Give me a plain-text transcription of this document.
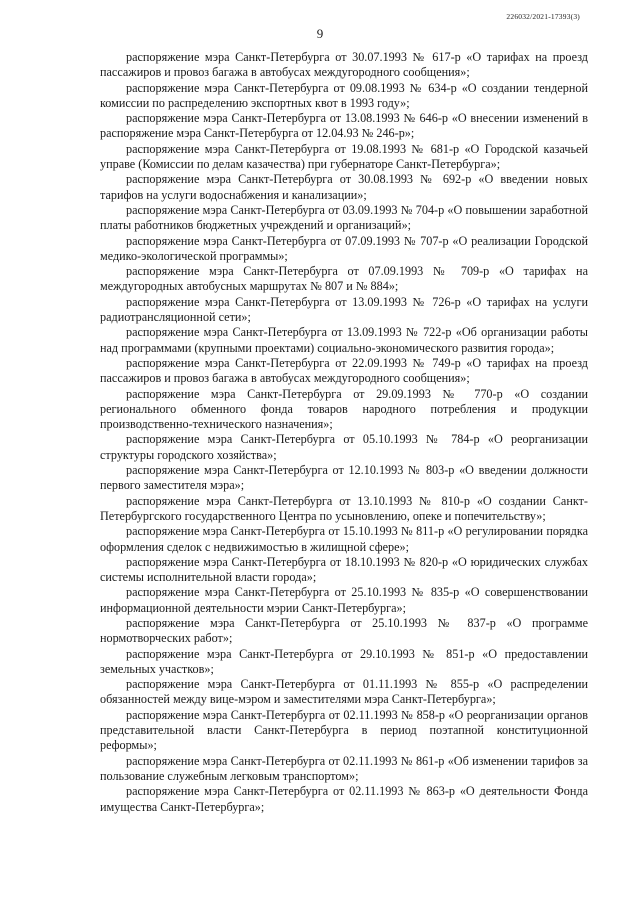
226032/2021-17393(3)
9

распоряжение мэра Санкт-Петербурга от 30.07.1993 № 617-р «О тарифах на проезд пассажиров и провоз багажа в автобусах междугородного сообщения»;

распоряжение мэра Санкт-Петербурга от 09.08.1993 № 634-р «О создании тендерной комиссии по распределению экспортных квот в 1993 году»;

распоряжение мэра Санкт-Петербурга от 13.08.1993 № 646-р «О внесении изменений в распоряжение мэра Санкт-Петербурга от 12.04.93 № 246-р»;

распоряжение мэра Санкт-Петербурга от 19.08.1993 № 681-р «О Городской казачьей управе (Комиссии по делам казачества) при губернаторе Санкт-Петербурга»;

распоряжение мэра Санкт-Петербурга от 30.08.1993 № 692-р «О введении новых тарифов на услуги водоснабжения и канализации»;

распоряжение мэра Санкт-Петербурга от 03.09.1993 № 704-р «О повышении заработной платы работников бюджетных учреждений и организаций»;

распоряжение мэра Санкт-Петербурга от 07.09.1993 № 707-р «О реализации Городской медико-экологической программы»;

распоряжение мэра Санкт-Петербурга от 07.09.1993 № 709-р «О тарифах на междугородных автобусных маршрутах № 807 и № 884»;

распоряжение мэра Санкт-Петербурга от 13.09.1993 № 726-р «О тарифах на услуги радиотрансляционной сети»;

распоряжение мэра Санкт-Петербурга от 13.09.1993 № 722-р «Об организации работы над программами (крупными проектами) социально-экономического развития города»;

распоряжение мэра Санкт-Петербурга от 22.09.1993 № 749-р «О тарифах на проезд пассажиров и провоз багажа в автобусах междугородного сообщения»;

распоряжение мэра Санкт-Петербурга от 29.09.1993 № 770-р «О создании регионального обменного фонда товаров народного потребления и продукции производственно-технического назначения»;

распоряжение мэра Санкт-Петербурга от 05.10.1993 № 784-р «О реорганизации структуры городского хозяйства»;

распоряжение мэра Санкт-Петербурга от 12.10.1993 № 803-р «О введении должности первого заместителя мэра»;

распоряжение мэра Санкт-Петербурга от 13.10.1993 № 810-р «О создании Санкт-Петербургского государственного Центра по усыновлению, опеке и попечительству»;

распоряжение мэра Санкт-Петербурга от 15.10.1993 № 811-р «О регулировании порядка оформления сделок с недвижимостью в жилищной сфере»;

распоряжение мэра Санкт-Петербурга от 18.10.1993 № 820-р «О юридических службах системы исполнительной власти города»;

распоряжение мэра Санкт-Петербурга от 25.10.1993 № 835-р «О совершенствовании информационной деятельности мэрии Санкт-Петербурга»;

распоряжение мэра Санкт-Петербурга от 25.10.1993 № 837-р «О программе нормотворческих работ»;

распоряжение мэра Санкт-Петербурга от 29.10.1993 № 851-р «О предоставлении земельных участков»;

распоряжение мэра Санкт-Петербурга от 01.11.1993 № 855-р «О распределении обязанностей между вице-мэром и заместителями мэра Санкт-Петербурга»;

распоряжение мэра Санкт-Петербурга от 02.11.1993 № 858-р «О реорганизации органов представительной власти Санкт-Петербурга в период поэтапной конституционной реформы»;

распоряжение мэра Санкт-Петербурга от 02.11.1993 № 861-р «Об изменении тарифов за пользование служебным легковым транспортом»;

распоряжение мэра Санкт-Петербурга от 02.11.1993 № 863-р «О деятельности Фонда имущества Санкт-Петербурга»;
